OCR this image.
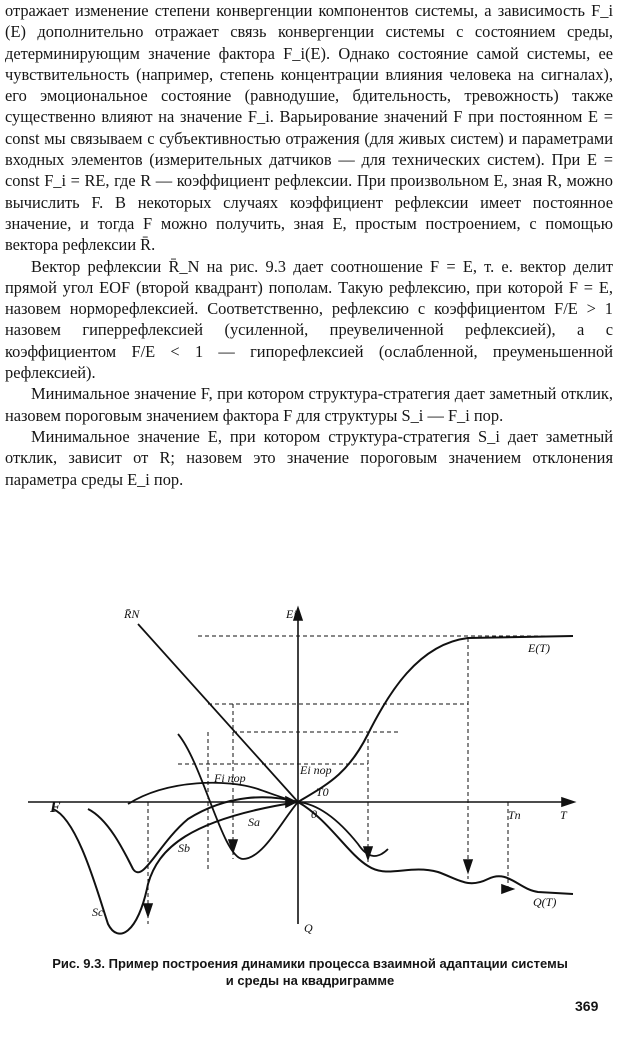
отражает изменение степени конвергенции компонентов системы, а зависимость F_i (E) дополнительно отражает связь конвергенции системы с состоянием среды, детерминирующим значение фактора F_i(E). Однако состояние самой системы, ее чувствительность (например, степень концентрации влияния человека на сигналах), его эмоциональное состояние (равнодушие, бдительность, тревожность) также существенно влияют на значение F_i. Варьирование значений F при постоянном E = const мы связываем с субъективностью отражения (для живых систем) и параметрами входных элементов (измерительных датчиков — для технических систем). При E = const F_i = RE, где R — коэффициент рефлексии. При произвольном E, зная R, можно вычислить F. В некоторых случаях коэффициент рефлексии имеет постоянное значение, и тогда F можно получить, зная E, простым построением, с помощью вектора рефлексии R̄.

Вектор рефлексии R̄_N на рис. 9.3 дает соотношение F = E, т. е. вектор делит прямой угол EOF (второй квадрант) пополам. Такую рефлексию, при которой F = E, назовем норморефлексией. Соответственно, рефлексию с коэффициентом F/E > 1 назовем гиперрефлексией (усиленной, преувеличенной рефлексией), а с коэффициентом F/E < 1 — гипорефлексией (ослабленной, преуменьшенной рефлексией).

Минимальное значение F, при котором структура-стратегия дает заметный отклик, назовем пороговым значением фактора F для структуры S_i — F_i пор.

Минимальное значение E, при котором структура-стратегия S_i дает заметный отклик, зависит от R; назовем это значение пороговым значением отклонения параметра среды E_i пор.

R̄N	Ei
E(T)
F	T
Tn
T0
0
Q
Q(T)
Sa
Sb
Sc
Fi пор
Ei пор
Рис. 9.3. Пример построения динамики процесса взаимной адаптации системы
и среды на квадриграмме
369
